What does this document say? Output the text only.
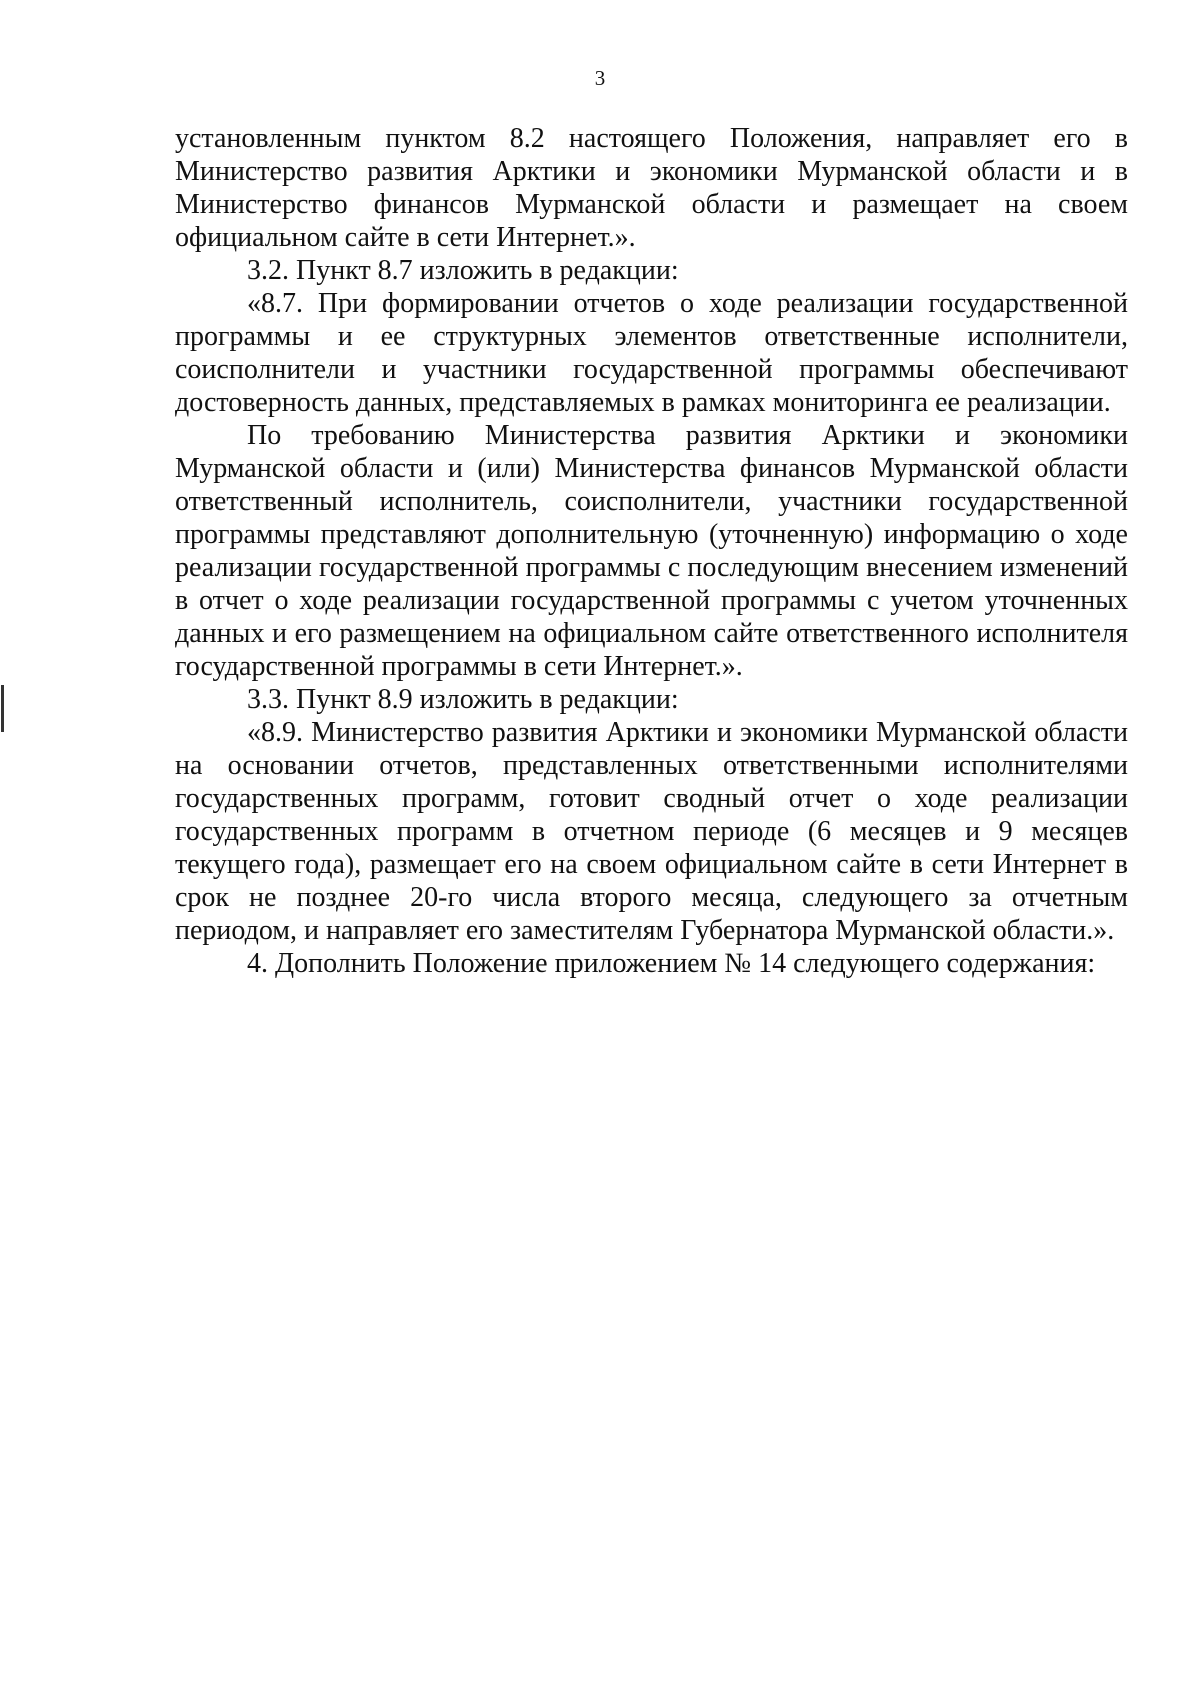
3

установленным пунктом 8.2 настоящего Положения, направляет его в Министерство развития Арктики и экономики Мурманской области и в Министерство финансов Мурманской области и размещает на своем официальном сайте в сети Интернет.».

3.2. Пункт 8.7 изложить в редакции:

«8.7. При формировании отчетов о ходе реализации государственной программы и ее структурных элементов ответственные исполнители, соисполнители и участники государственной программы обеспечивают достоверность данных, представляемых в рамках мониторинга ее реализации.

По требованию Министерства развития Арктики и экономики Мурманской области и (или) Министерства финансов Мурманской области ответственный исполнитель, соисполнители, участники государственной программы представляют дополнительную (уточненную) информацию о ходе реализации государственной программы с последующим внесением изменений в отчет о ходе реализации государственной программы с учетом уточненных данных и его размещением на официальном сайте ответственного исполнителя государственной программы в сети Интернет.».

3.3. Пункт 8.9 изложить в редакции:

«8.9. Министерство развития Арктики и экономики Мурманской области на основании отчетов, представленных ответственными исполнителями государственных программ, готовит сводный отчет о ходе реализации государственных программ в отчетном периоде (6 месяцев и 9 месяцев текущего года), размещает его на своем официальном сайте в сети Интернет в срок не позднее 20-го числа второго месяца, следующего за отчетным периодом, и направляет его заместителям Губернатора Мурманской области.».

4. Дополнить Положение приложением № 14 следующего содержания:
